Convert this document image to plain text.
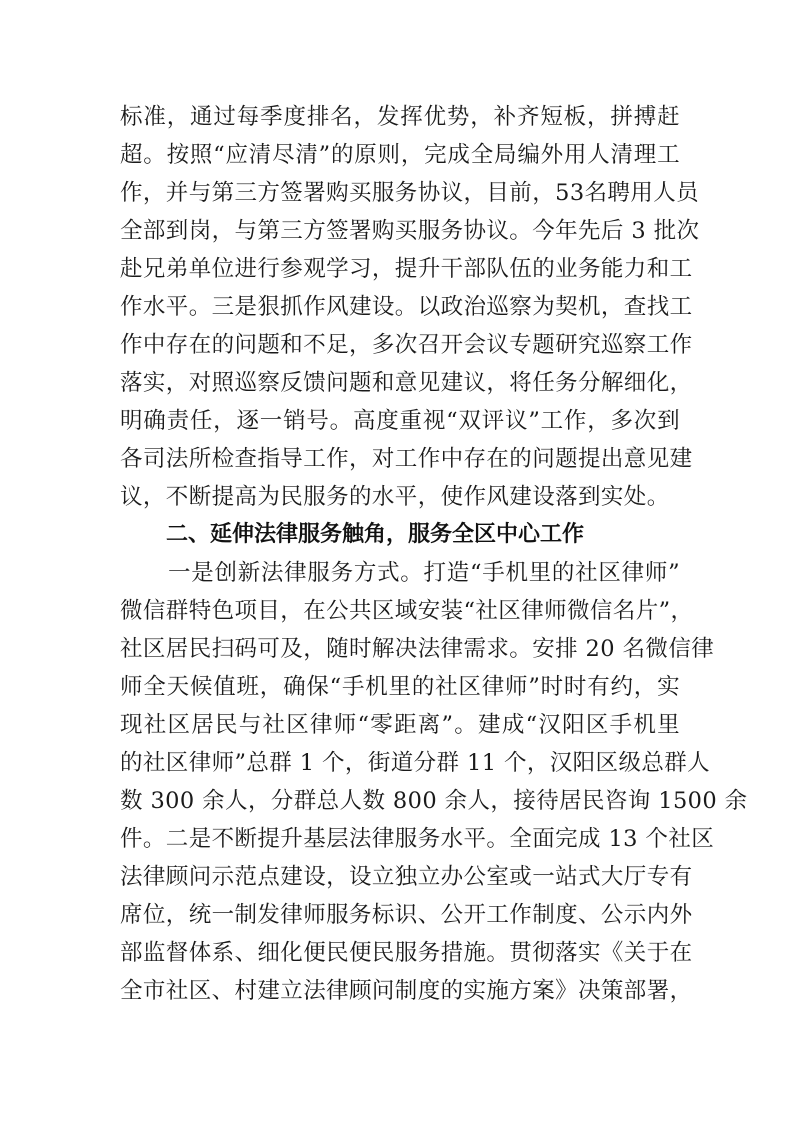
标准，通过每季度排名，发挥优势，补齐短板，拼搏赶
超。按照“应清尽清”的原则，完成全局编外用人清理工
作，并与第三方签署购买服务协议，目前，53名聘用人员
全部到岗，与第三方签署购买服务协议。今年先后 3 批次
赴兄弟单位进行参观学习，提升干部队伍的业务能力和工
作水平。三是狠抓作风建设。以政治巡察为契机，查找工
作中存在的问题和不足，多次召开会议专题研究巡察工作
落实，对照巡察反馈问题和意见建议，将任务分解细化，
明确责任，逐一销号。高度重视“双评议”工作，多次到
各司法所检查指导工作，对工作中存在的问题提出意见建
议，不断提高为民服务的水平，使作风建设落到实处。
二、延伸法律服务触角，服务全区中心工作
一是创新法律服务方式。打造“手机里的社区律师”
微信群特色项目，在公共区域安装“社区律师微信名片”，
社区居民扫码可及，随时解决法律需求。安排 20 名微信律
师全天候值班，确保“手机里的社区律师”时时有约，实
现社区居民与社区律师“零距离”。建成“汉阳区手机里
的社区律师”总群 1 个，街道分群 11 个，汉阳区级总群人
数 300 余人，分群总人数 800 余人，接待居民咨询 1500 余
件。二是不断提升基层法律服务水平。全面完成 13 个社区
法律顾问示范点建设，设立独立办公室或一站式大厅专有
席位，统一制发律师服务标识、公开工作制度、公示内外
部监督体系、细化便民便民服务措施。贯彻落实《关于在
全市社区、村建立法律顾问制度的实施方案》决策部署，
